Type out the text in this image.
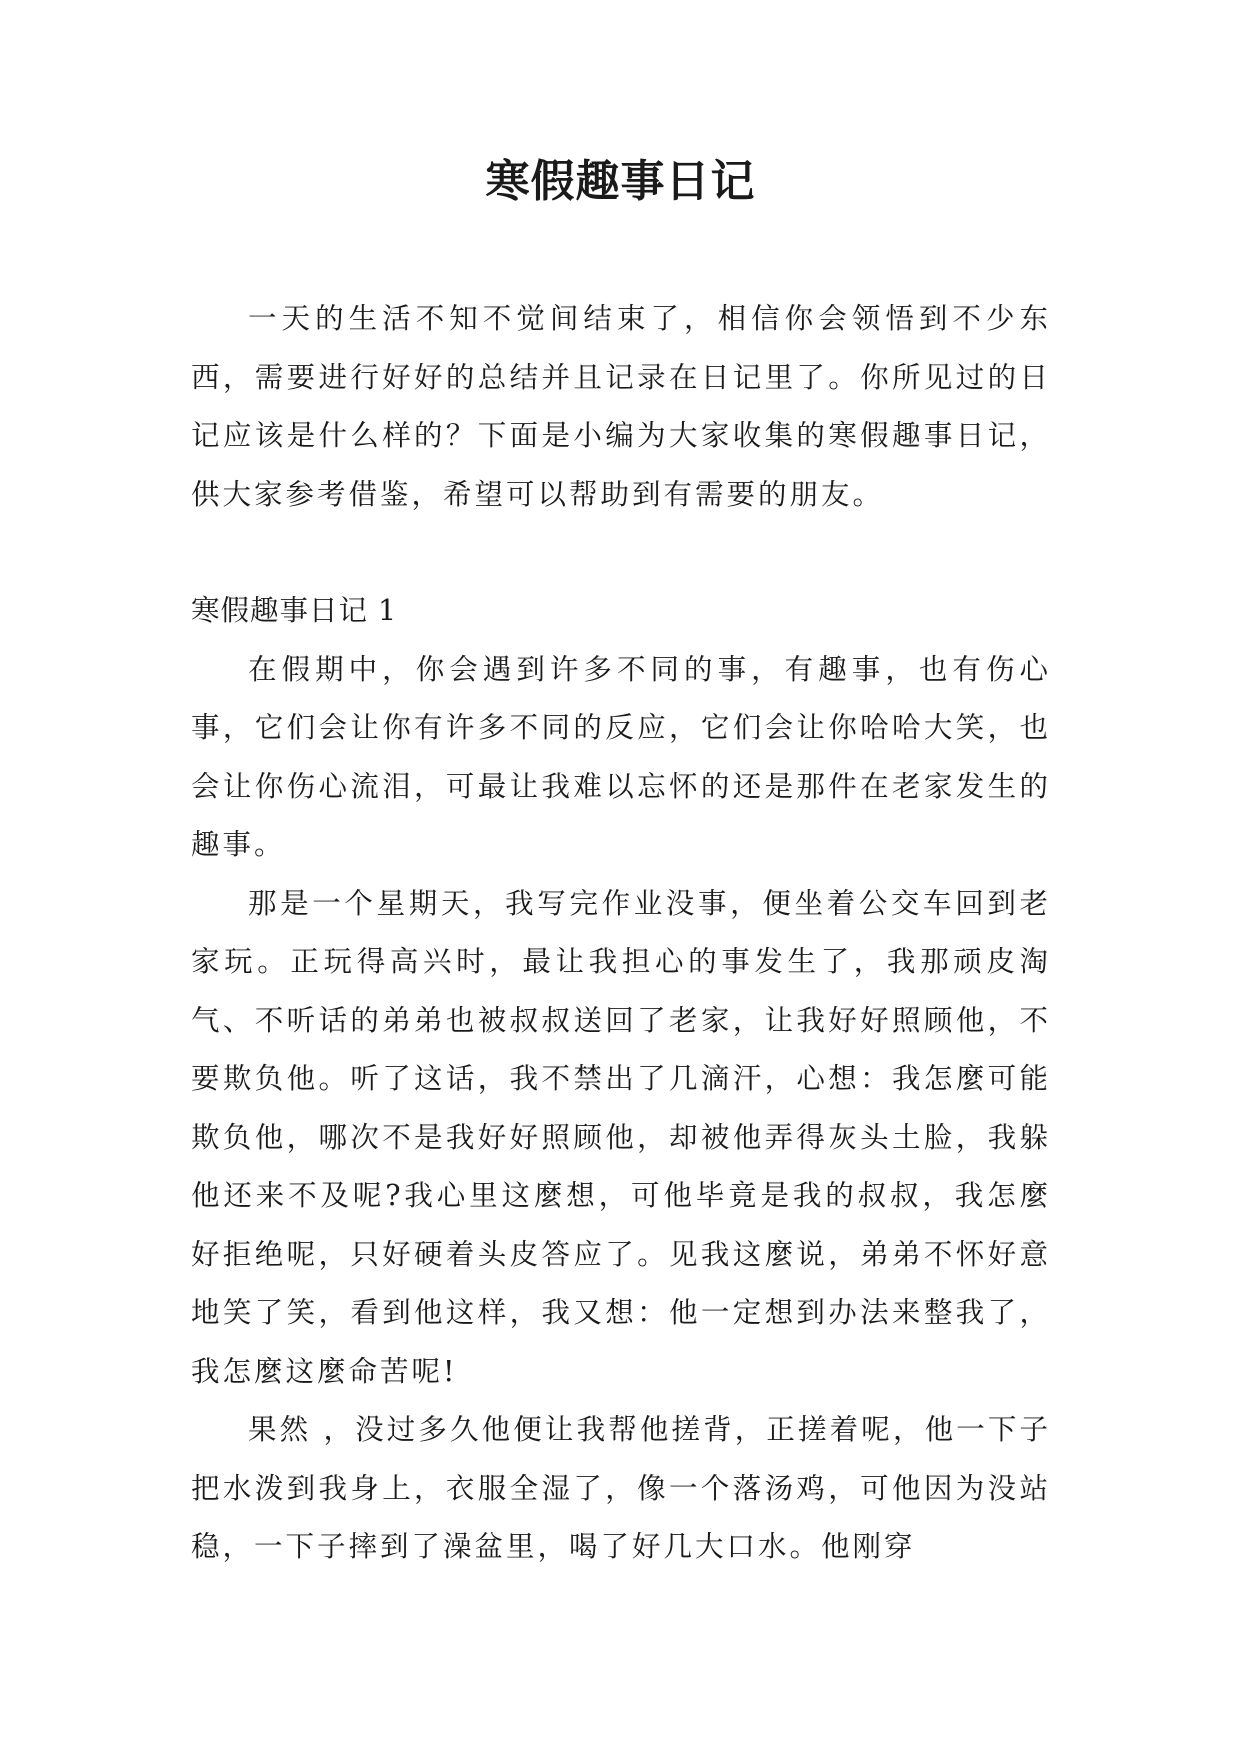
寒假趣事日记

一天的生活不知不觉间结束了，相信你会领悟到不少东西，需要进行好好的总结并且记录在日记里了。你所见过的日记应该是什么样的？下面是小编为大家收集的寒假趣事日记，供大家参考借鉴，希望可以帮助到有需要的朋友。

寒假趣事日记 1

在假期中，你会遇到许多不同的事，有趣事，也有伤心事，它们会让你有许多不同的反应，它们会让你哈哈大笑，也会让你伤心流泪，可最让我难以忘怀的还是那件在老家发生的趣事。

那是一个星期天，我写完作业没事，便坐着公交车回到老家玩。正玩得高兴时，最让我担心的事发生了，我那顽皮淘气、不听话的弟弟也被叔叔送回了老家，让我好好照顾他，不要欺负他。听了这话，我不禁出了几滴汗，心想：我怎麼可能欺负他，哪次不是我好好照顾他，却被他弄得灰头土脸，我躲他还来不及呢?我心里这麼想，可他毕竟是我的叔叔，我怎麼好拒绝呢，只好硬着头皮答应了。见我这麼说，弟弟不怀好意地笑了笑，看到他这样，我又想：他一定想到办法来整我了，我怎麼这麼命苦呢!

果然 ，没过多久他便让我帮他搓背，正搓着呢，他一下子把水泼到我身上，衣服全湿了，像一个落汤鸡，可他因为没站稳，一下子摔到了澡盆里，喝了好几大口水。他刚穿
